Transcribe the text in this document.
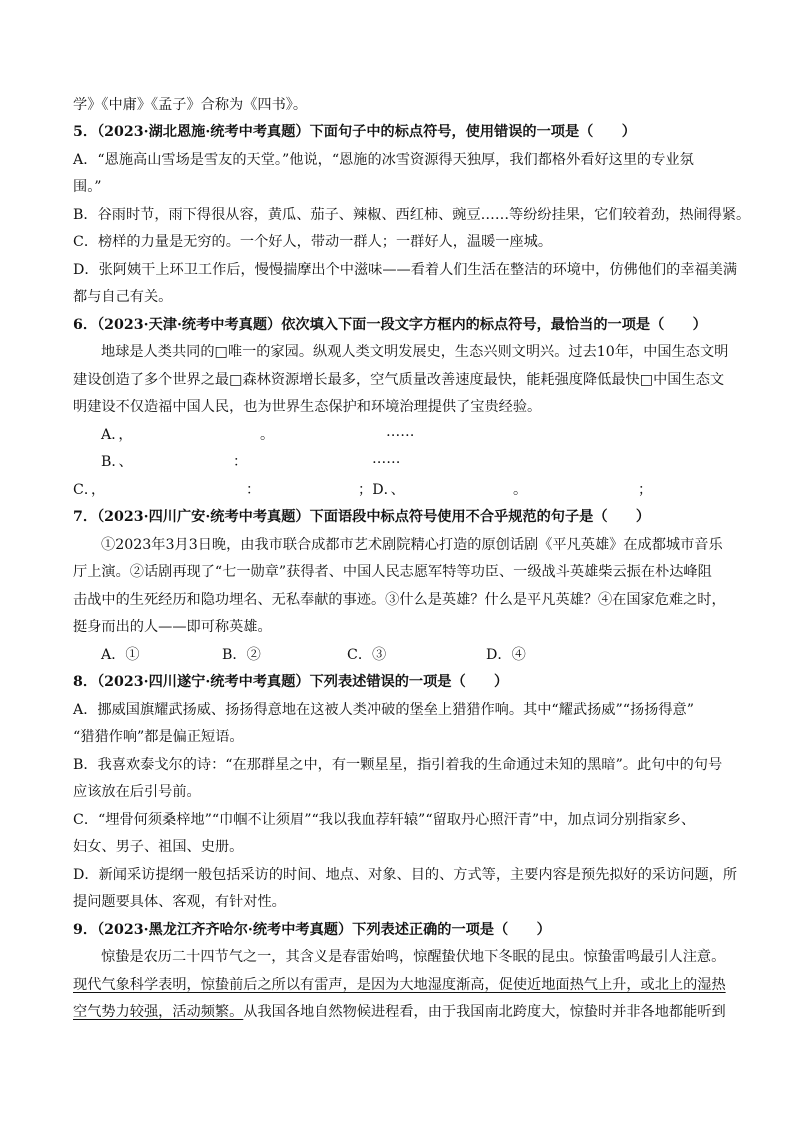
学》《中庸》《孟子》合称为《四书》。
5．（2023·湖北恩施·统考中考真题）下面句子中的标点符号，使用错误的一项是（　　）
A．“恩施高山雪场是雪友的天堂。”他说，“恩施的冰雪资源得天独厚，我们都格外看好这里的专业氛
围。”
B．谷雨时节，雨下得很从容，黄瓜、茄子、辣椒、西红柿、豌豆……等纷纷挂果，它们较着劲，热闹得紧。
C．榜样的力量是无穷的。一个好人，带动一群人；一群好人，温暖一座城。
D．张阿姨干上环卫工作后，慢慢揣摩出个中滋味——看着人们生活在整洁的环境中，仿佛他们的幸福美满
都与自己有关。
6．（2023·天津·统考中考真题）依次填入下面一段文字方框内的标点符号，最恰当的一项是（　　）
地球是人类共同的□唯一的家园。纵观人类文明发展史，生态兴则文明兴。过去10年，中国生态文明
建设创造了多个世界之最□森林资源增长最多，空气质量改善速度最快，能耗强度降低最快□中国生态文
明建设不仅造福中国人民，也为世界生态保护和环境治理提供了宝贵经验。
A．，	。	……
B．、	：	……
C．，	：	；D．、	。	；
7．（2023·四川广安·统考中考真题）下面语段中标点符号使用不合乎规范的句子是（　　）
①2023年3月3日晚，由我市联合成都市艺术剧院精心打造的原创话剧《平凡英雄》在成都城市音乐
厅上演。②话剧再现了“七一勋章”获得者、中国人民志愿军特等功臣、一级战斗英雄柴云振在朴达峰阻
击战中的生死经历和隐功埋名、无私奉献的事迹。③什么是英雄？什么是平凡英雄？④在国家危难之时，
挺身而出的人——即可称英雄。
A．①	B．②	C．③	D．④
8．（2023·四川遂宁·统考中考真题）下列表述错误的一项是（　　）
A．挪威国旗耀武扬威、扬扬得意地在这被人类冲破的堡垒上猎猎作响。其中“耀武扬威”“扬扬得意”
“猎猎作响”都是偏正短语。
B．我喜欢泰戈尔的诗：“在那群星之中，有一颗星星，指引着我的生命通过未知的黑暗”。此句中的句号
应该放在后引号前。
C．“埋骨何须桑梓地”“巾帼不让须眉”“我以我血荐轩辕”“留取丹心照汗青”中，加点词分别指家乡、
妇女、男子、祖国、史册。
D．新闻采访提纲一般包括采访的时间、地点、对象、目的、方式等，主要内容是预先拟好的采访问题，所
提问题要具体、客观，有针对性。
9．（2023·黑龙江齐齐哈尔·统考中考真题）下列表述正确的一项是（　　）
惊蛰是农历二十四节气之一，其含义是春雷始鸣，惊醒蛰伏地下冬眠的昆虫。惊蛰雷鸣最引人注意。
现代气象科学表明，惊蛰前后之所以有雷声，是因为大地湿度渐高，促使近地面热气上升，或北上的湿热
空气势力较强，活动频繁。从我国各地自然物候进程看，由于我国南北跨度大，惊蛰时并非各地都能听到
